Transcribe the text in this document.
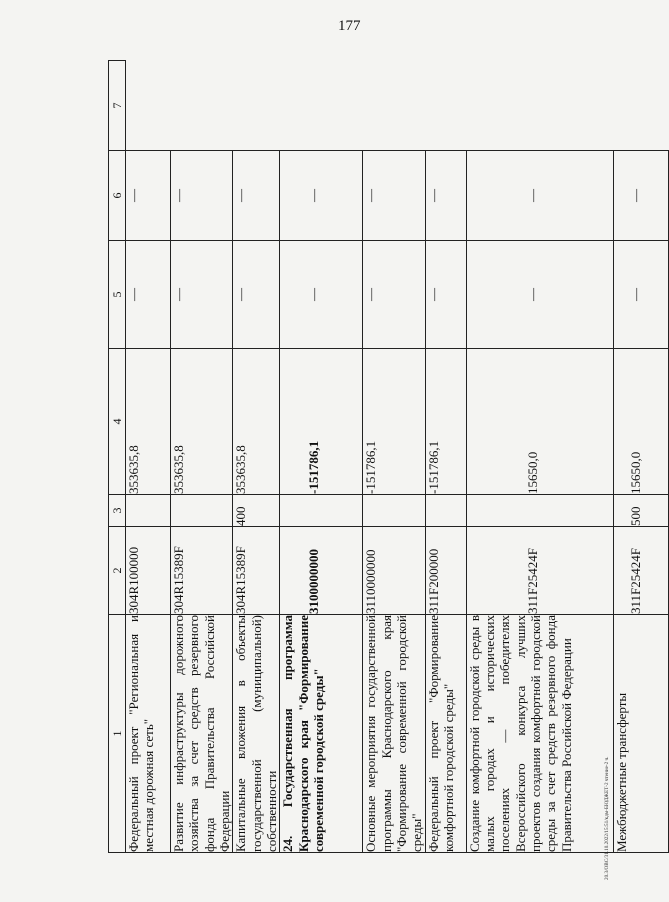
177
20.3/ОВС/31.10.2022/15:51/кдм-БЮДЖЕТ-2 чтение-2 ч.
1	2	3	4	5	6	7
Федеральный проект "Региональная и местная дорожная сеть"	304R100000		353635,8	—	—	
Развитие инфраструктуры дорожного хозяйства за счет средств резервного фонда Правительства Российской Федерации	304R15389F		353635,8	—	—	
Капитальные вложения в объекты государственной (муниципальной) собственности	304R15389F	400	353635,8	—	—	
24. Государственная программа Краснодарского края "Формирование современной городской среды"	3100000000		-151786,1	—	—	
Основные мероприятия государственной программы Краснодарского края "Формирование современной городской среды"	3110000000		-151786,1	—	—	
Федеральный проект "Формирование комфортной городской среды"	311F200000		-151786,1	—	—	
Создание комфортной городской среды в малых городах и исторических поселениях — победителях Всероссийского конкурса лучших проектов создания комфортной городской среды за счет средств резервного фонда Правительства Российской Федерации	311F25424F		15650,0	—	—	
Межбюджетные трансферты	311F25424F	500	15650,0	—	—	
